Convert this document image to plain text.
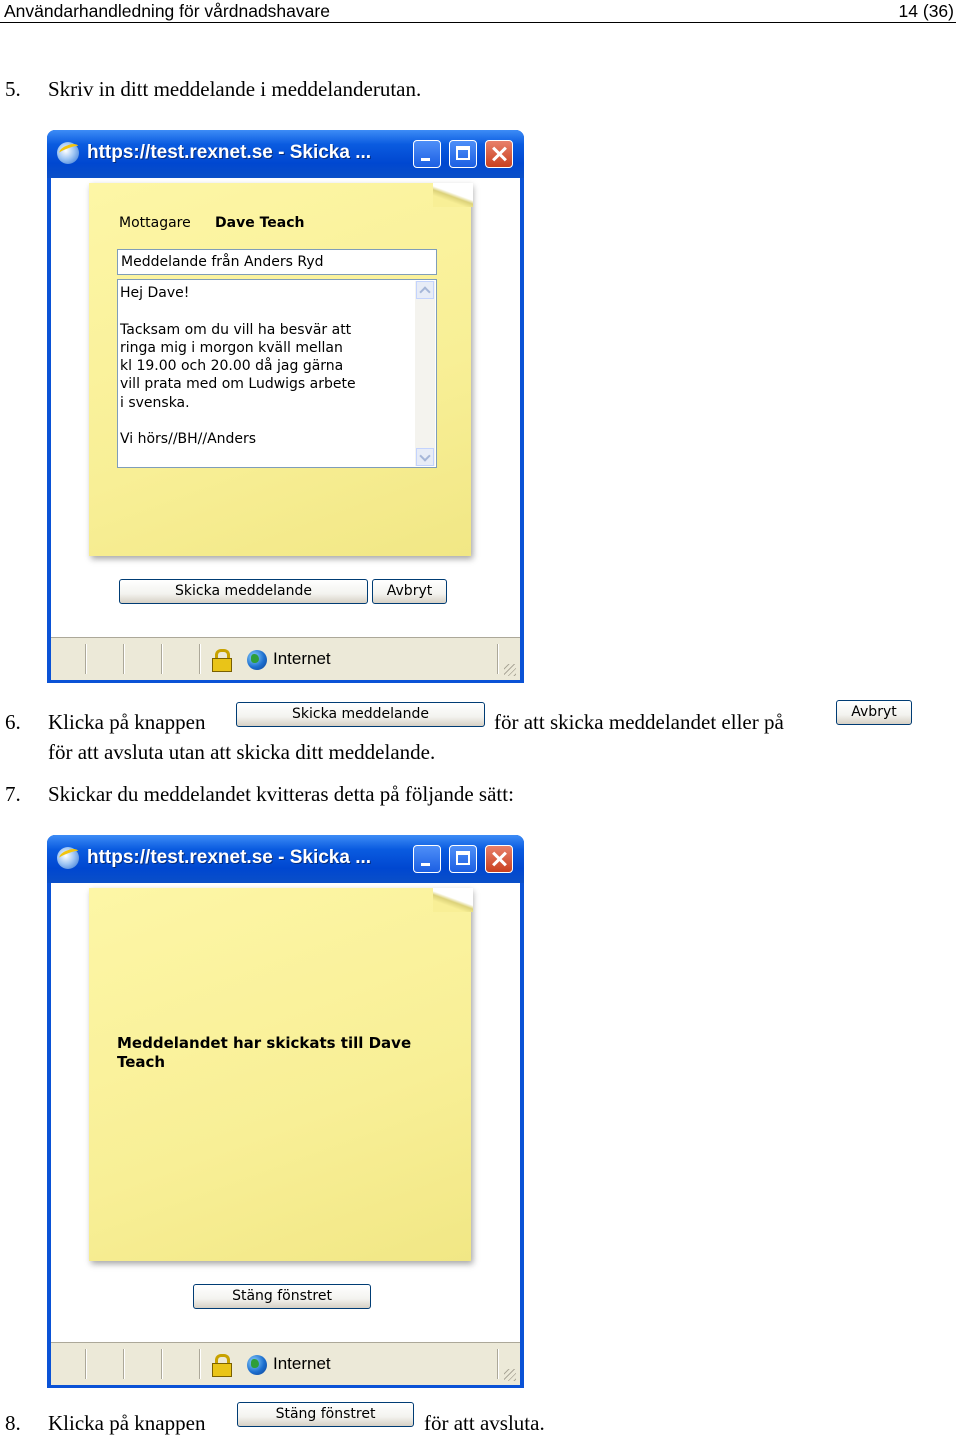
Användarhandledning för vårdnadshavare	14 (36)
5. Skriv in ditt meddelande i meddelanderutan.
https://test.rexnet.se - Skicka ...
Mottagare Dave Teach
Meddelande från Anders Ryd
Hej Dave!

Tacksam om du vill ha besvär att
ringa mig i morgon kväll mellan
kl 19.00 och 20.00 då jag gärna
vill prata med om Ludwigs arbete
i svenska.

Vi hörs//BH//Anders
Skicka meddelande	Avbryt
Internet
6. Klicka på knappen	Skicka meddelande	för att skicka meddelandet eller på	Avbryt
för att avsluta utan att skicka ditt meddelande.
7. Skickar du meddelandet kvitteras detta på följande sätt:
https://test.rexnet.se - Skicka ...
Meddelandet har skickats till Dave Teach
Stäng fönstret
Internet
8. Klicka på knappen	Stäng fönstret	för att avsluta.
